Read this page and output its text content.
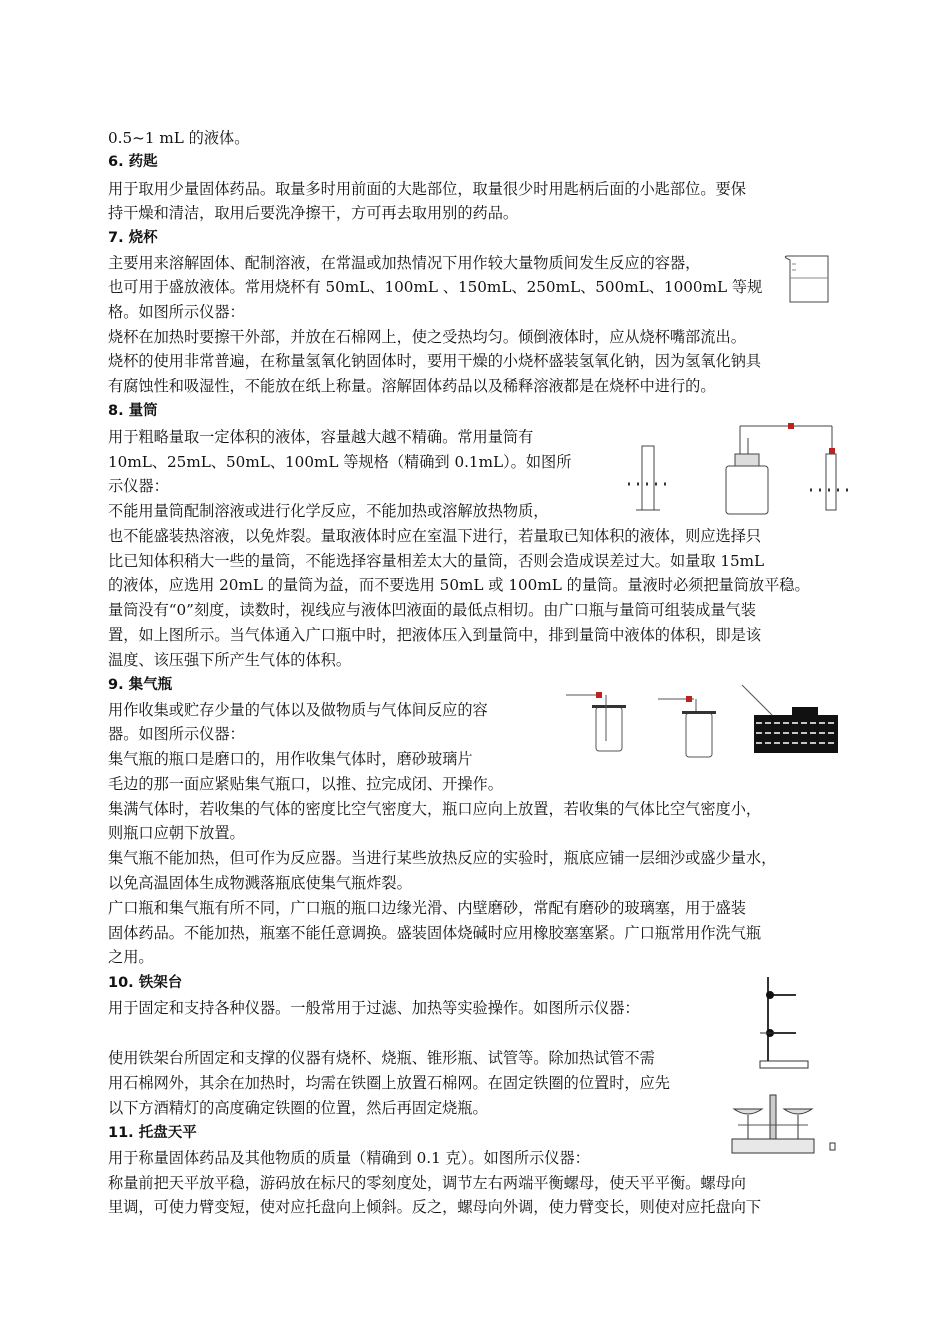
0.5~1 mL 的液体。
6. 药匙
用于取用少量固体药品。取量多时用前面的大匙部位，取量很少时用匙柄后面的小匙部位。要保
持干燥和清洁，取用后要洗净擦干，方可再去取用别的药品。
7. 烧杯
主要用来溶解固体、配制溶液，在常温或加热情况下用作较大量物质间发生反应的容器，
也可用于盛放液体。常用烧杯有 50mL、100mL 、150mL、250mL、500mL、1000mL 等规
格。如图所示仪器：
烧杯在加热时要擦干外部，并放在石棉网上，使之受热均匀。倾倒液体时，应从烧杯嘴部流出。
烧杯的使用非常普遍，在称量氢氧化钠固体时，要用干燥的小烧杯盛装氢氧化钠，因为氢氧化钠具
有腐蚀性和吸湿性，不能放在纸上称量。溶解固体药品以及稀释溶液都是在烧杯中进行的。
8. 量筒
用于粗略量取一定体积的液体，容量越大越不精确。常用量筒有
10mL、25mL、50mL、100mL 等规格（精确到 0.1mL）。如图所
示仪器：
不能用量筒配制溶液或进行化学反应，不能加热或溶解放热物质，
也不能盛装热溶液，以免炸裂。量取液体时应在室温下进行，若量取已知体积的液体，则应选择只
比已知体积稍大一些的量筒，不能选择容量相差太大的量筒，否则会造成误差过大。如量取 15mL
的液体，应选用 20mL 的量筒为益，而不要选用 50mL 或 100mL 的量筒。量液时必须把量筒放平稳。
量筒没有“0”刻度，读数时，视线应与液体凹液面的最低点相切。由广口瓶与量筒可组装成量气装
置，如上图所示。当气体通入广口瓶中时，把液体压入到量筒中，排到量筒中液体的体积，即是该
温度、该压强下所产生气体的体积。
9. 集气瓶
用作收集或贮存少量的气体以及做物质与气体间反应的容
器。如图所示仪器：
集气瓶的瓶口是磨口的，用作收集气体时，磨砂玻璃片
毛边的那一面应紧贴集气瓶口，以推、拉完成闭、开操作。
集满气体时，若收集的气体的密度比空气密度大，瓶口应向上放置，若收集的气体比空气密度小，
则瓶口应朝下放置。
集气瓶不能加热，但可作为反应器。当进行某些放热反应的实验时，瓶底应铺一层细沙或盛少量水，
以免高温固体生成物溅落瓶底使集气瓶炸裂。
广口瓶和集气瓶有所不同，广口瓶的瓶口边缘光滑、内壁磨砂，常配有磨砂的玻璃塞，用于盛装
固体药品。不能加热，瓶塞不能任意调换。盛装固体烧碱时应用橡胶塞塞紧。广口瓶常用作洗气瓶
之用。
10. 铁架台
用于固定和支持各种仪器。一般常用于过滤、加热等实验操作。如图所示仪器：
使用铁架台所固定和支撑的仪器有烧杯、烧瓶、锥形瓶、试管等。除加热试管不需
用石棉网外，其余在加热时，均需在铁圈上放置石棉网。在固定铁圈的位置时，应先
以下方酒精灯的高度确定铁圈的位置，然后再固定烧瓶。
11. 托盘天平
用于称量固体药品及其他物质的质量（精确到 0.1 克）。如图所示仪器：
称量前把天平放平稳，游码放在标尺的零刻度处，调节左右两端平衡螺母，使天平平衡。螺母向
里调，可使力臂变短，使对应托盘向上倾斜。反之，螺母向外调，使力臂变长，则使对应托盘向下
